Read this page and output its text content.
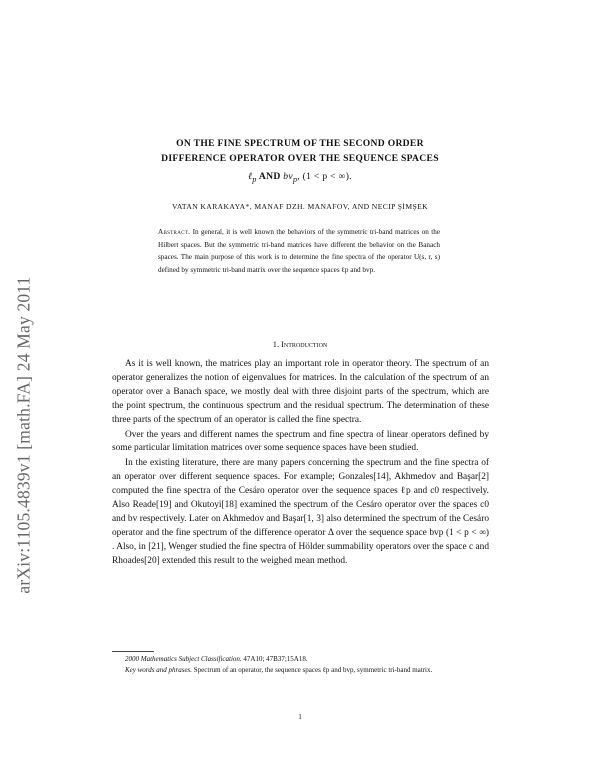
arXiv:1105.4839v1 [math.FA] 24 May 2011
ON THE FINE SPECTRUM OF THE SECOND ORDER
DIFFERENCE OPERATOR OVER THE SEQUENCE SPACES
ℓ$_p$ AND $bv_p$, (1 < p < ∞).
VATAN KARAKAYA*, MANAF DZH. MANAFOV, AND NECIP ŞİMŞEK
Abstract. In general, it is well known the behaviors of the symmetric tri-band matrices on the Hilbert spaces. But the symmetric tri-band matrices have different the behavior on the Banach spaces. The main purpose of this work is to determine the fine spectra of the operator U(s, r, s) defined by symmetric tri-band matrix over the sequence spaces ℓp and bvp.
1. Introduction

As it is well known, the matrices play an important role in operator theory. The spectrum of an operator generalizes the notion of eigenvalues for matrices. In the calculation of the spectrum of an operator over a Banach space, we mostly deal with three disjoint parts of the spectrum, which are the point spectrum, the continuous spectrum and the residual spectrum. The determination of these three parts of the spectrum of an operator is called the fine spectra.

Over the years and different names the spectrum and fine spectra of linear operators defined by some particular limitation matrices over some sequence spaces have been studied.

In the existing literature, there are many papers concerning the spectrum and the fine spectra of an operator over different sequence spaces. For example; Gonzales[14], Akhmedov and Başar[2] computed the fine spectra of the Cesáro operator over the sequence spaces ℓp and c0 respectively. Also Reade[19] and Okutoyi[18] examined the spectrum of the Cesáro operator over the spaces c0 and bv respectively. Later on Akhmedov and Başar[1, 3] also determined the spectrum of the Cesáro operator and the fine spectrum of the difference operator Δ over the sequence space bvp (1 < p < ∞) . Also, in [21], Wenger studied the fine spectra of Hölder summability operators over the space c and Rhoades[20] extended this result to the weighed mean method.

2000 Mathematics Subject Classification. 47A10; 47B37;15A18.

Key words and phrases. Spectrum of an operator, the sequence spaces ℓp and bvp, symmetric tri-band matrix.

1
